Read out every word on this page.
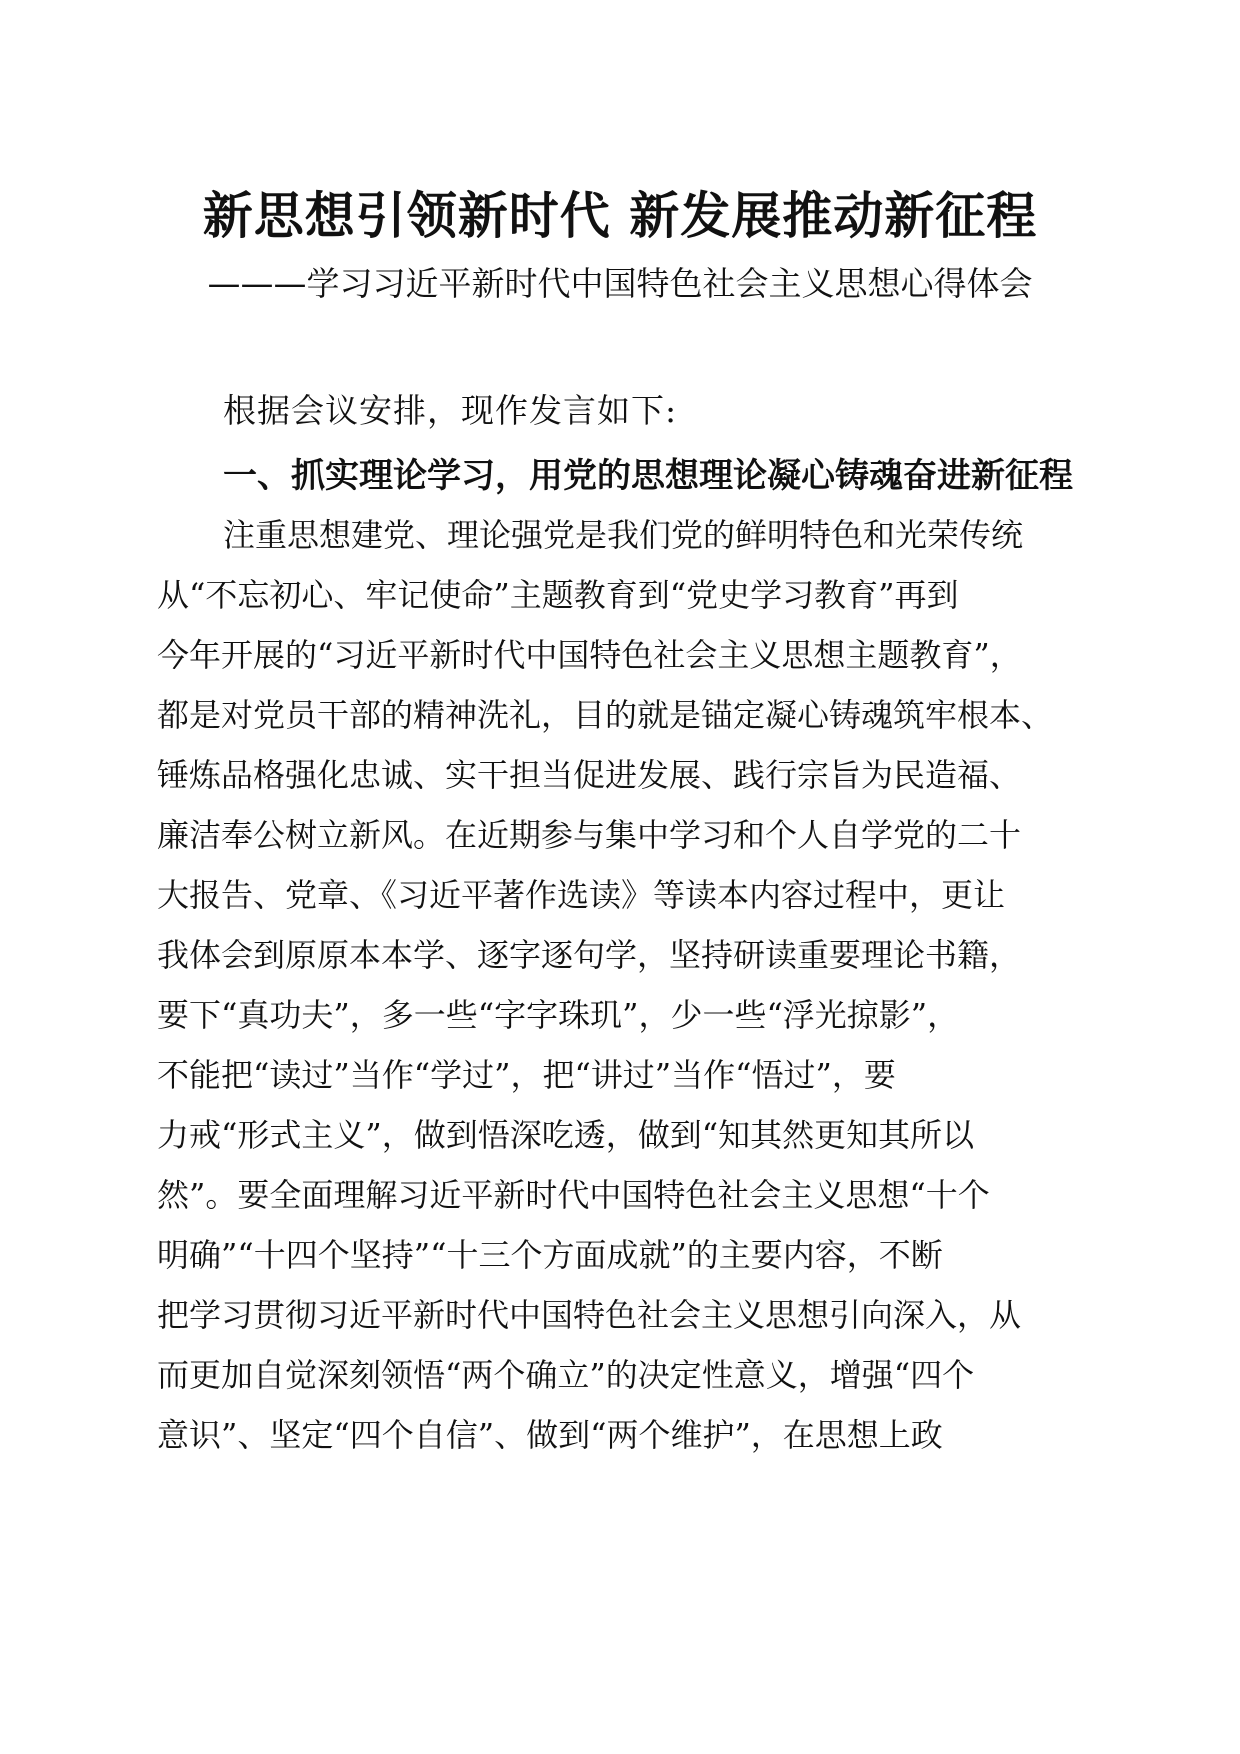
新思想引领新时代 新发展推动新征程
———学习习近平新时代中国特色社会主义思想心得体会
根据会议安排，现作发言如下:
一、抓实理论学习，用党的思想理论凝心铸魂奋进新征程
注重思想建党、理论强党是我们党的鲜明特色和光荣传统
从“不忘初心、牢记使命”主题教育到“党史学习教育”再到
今年开展的“习近平新时代中国特色社会主义思想主题教育”，
都是对党员干部的精神洗礼，目的就是锚定凝心铸魂筑牢根本、
锤炼品格强化忠诚、实干担当促进发展、践行宗旨为民造福、
廉洁奉公树立新风。在近期参与集中学习和个人自学党的二十
大报告、党章、《习近平著作选读》等读本内容过程中，更让
我体会到原原本本学、逐字逐句学，坚持研读重要理论书籍，
要下“真功夫”，多一些“字字珠玑”，少一些“浮光掠影”，
不能把“读过”当作“学过”，把“讲过”当作“悟过”，要
力戒“形式主义”，做到悟深吃透，做到“知其然更知其所以
然”。要全面理解习近平新时代中国特色社会主义思想“十个
明确”“十四个坚持”“十三个方面成就”的主要内容，不断
把学习贯彻习近平新时代中国特色社会主义思想引向深入，从
而更加自觉深刻领悟“两个确立”的决定性意义，增强“四个
意识”、坚定“四个自信”、做到“两个维护”，在思想上政
